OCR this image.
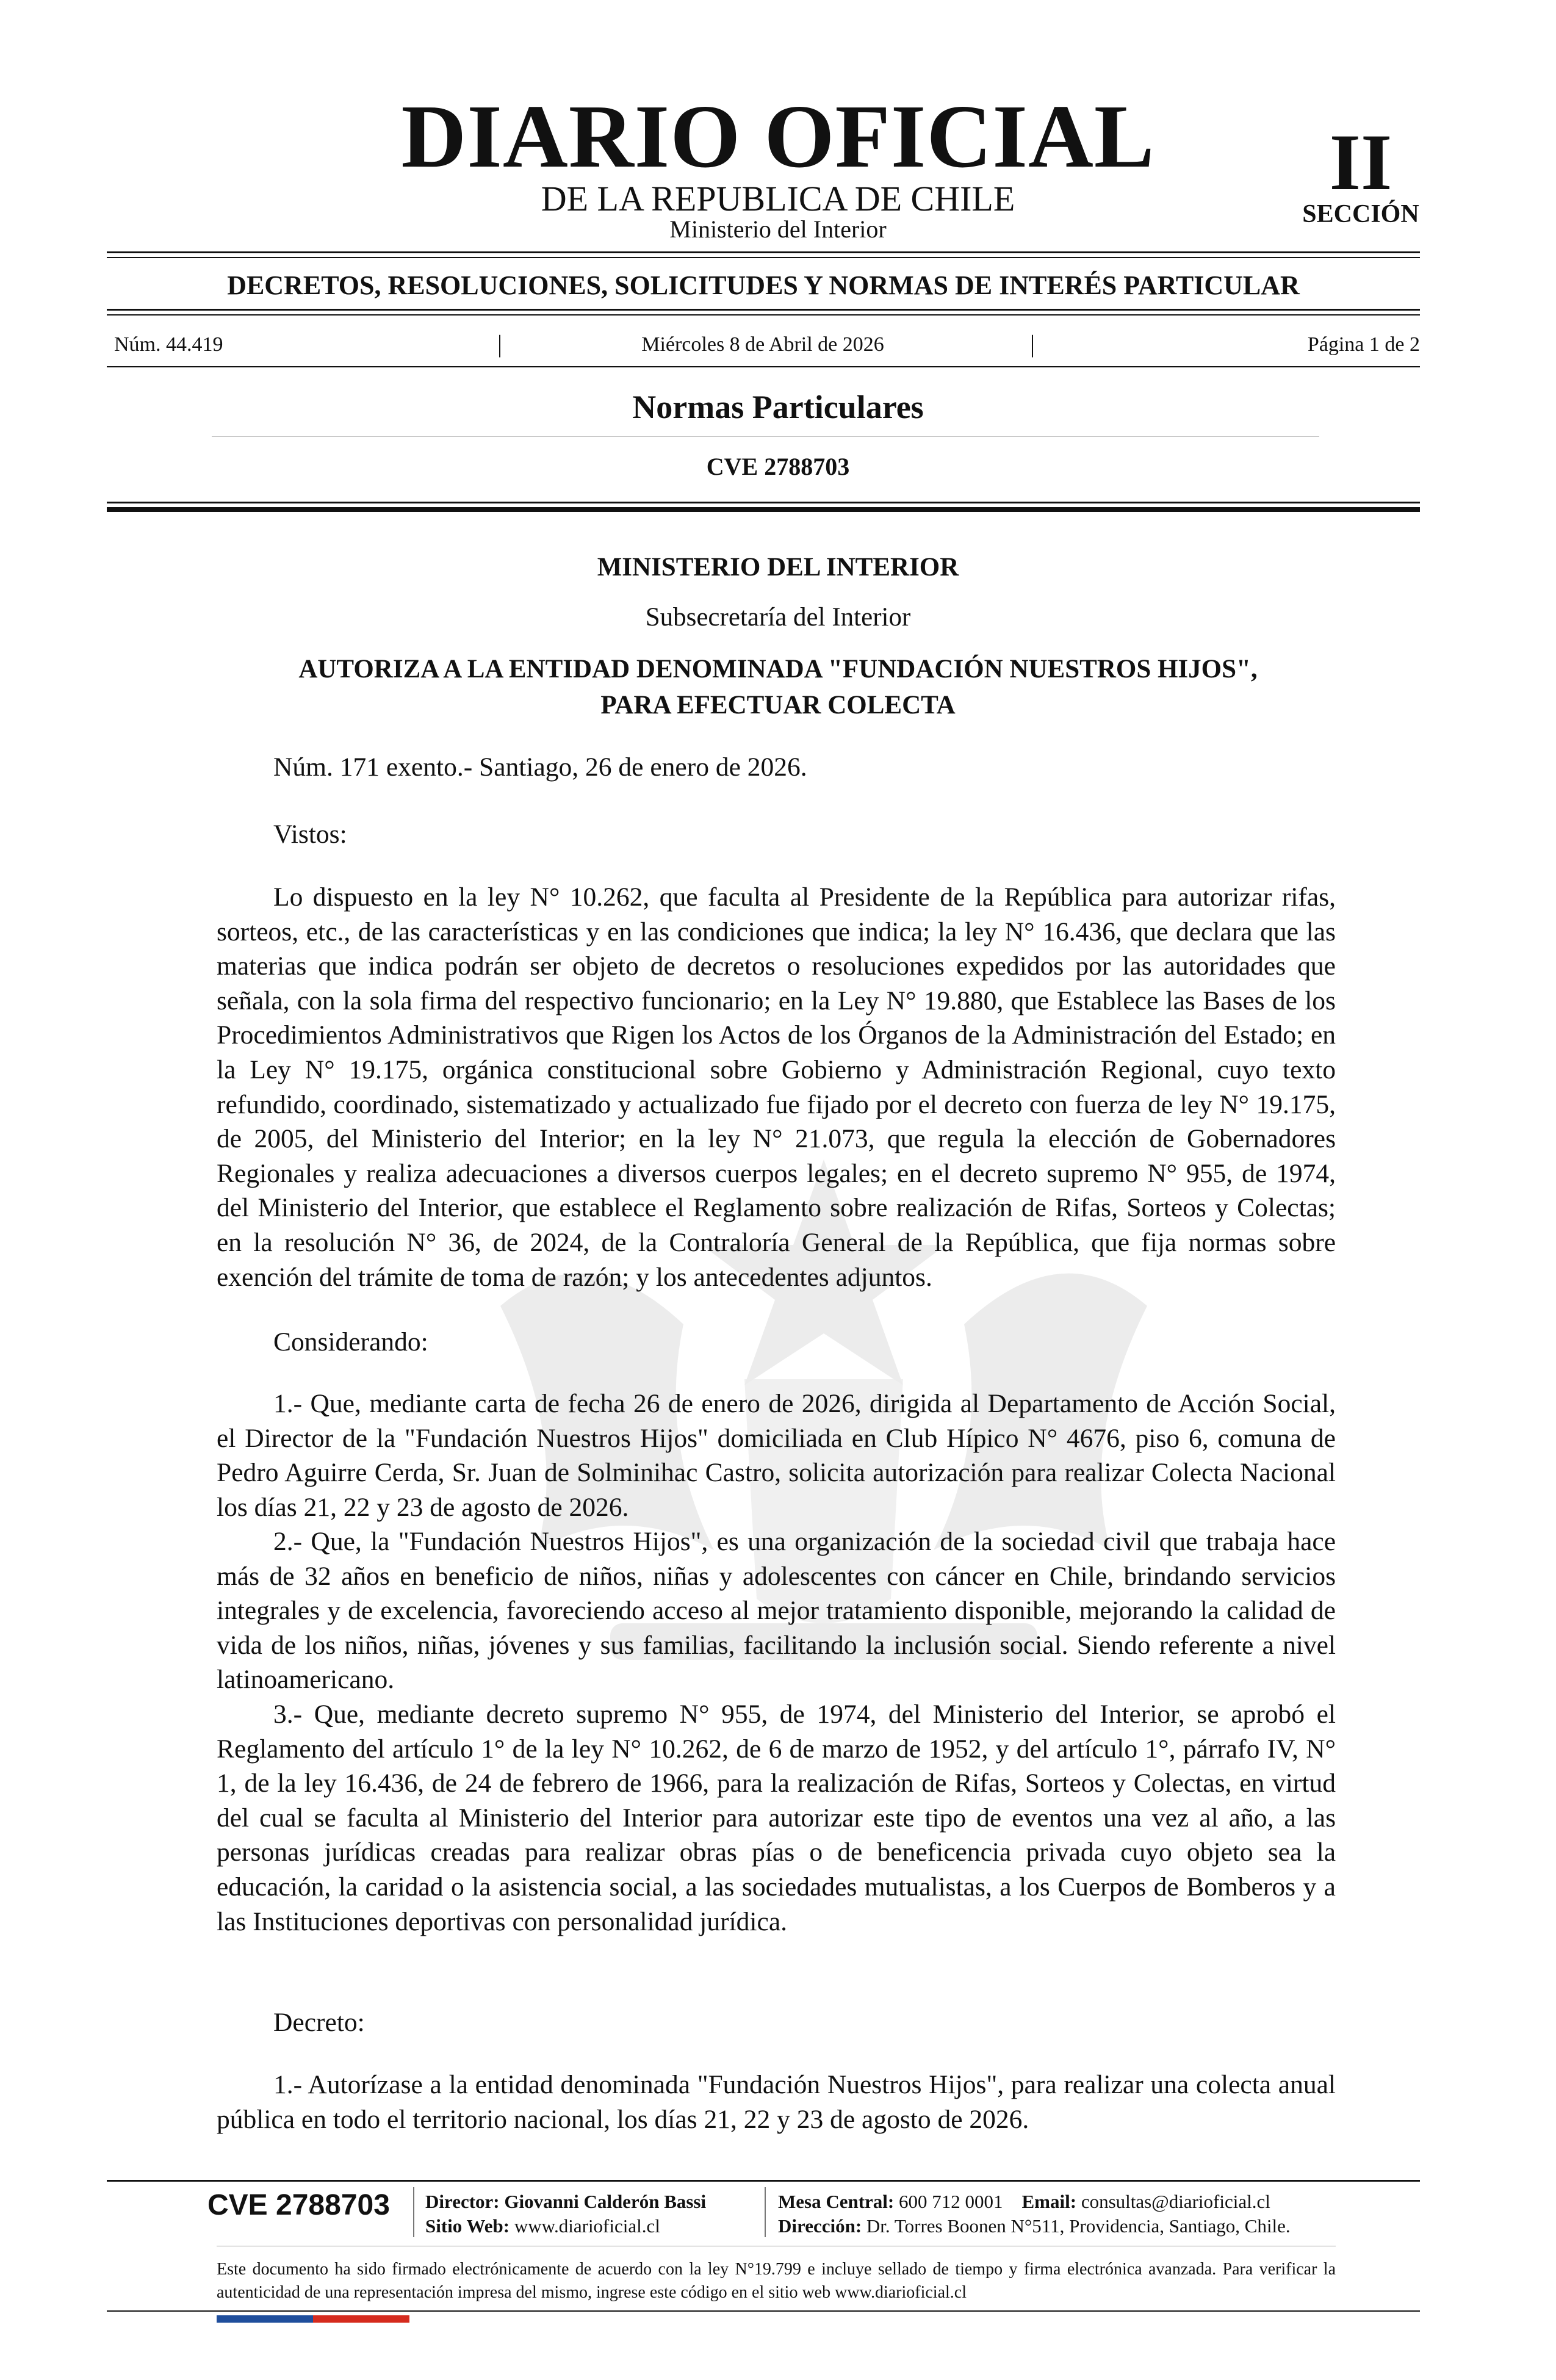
DIARIO OFICIAL
DE LA REPUBLICA DE CHILE
Ministerio del Interior
II
SECCIÓN
DECRETOS, RESOLUCIONES, SOLICITUDES Y NORMAS DE INTERÉS PARTICULAR
Núm. 44.419	|	Miércoles 8 de Abril de 2026	|	Página 1 de 2
Normas Particulares
CVE 2788703
MINISTERIO DEL INTERIOR
Subsecretaría del Interior
AUTORIZA A LA ENTIDAD DENOMINADA "FUNDACIÓN NUESTROS HIJOS",
PARA EFECTUAR COLECTA
Núm. 171 exento.- Santiago, 26 de enero de 2026.
Vistos:
Lo dispuesto en la ley N° 10.262, que faculta al Presidente de la República para autorizar rifas, sorteos, etc., de las características y en las condiciones que indica; la ley N° 16.436, que declara que las materias que indica podrán ser objeto de decretos o resoluciones expedidos por las autoridades que señala, con la sola firma del respectivo funcionario; en la Ley N° 19.880, que Establece las Bases de los Procedimientos Administrativos que Rigen los Actos de los Órganos de la Administración del Estado; en la Ley N° 19.175, orgánica constitucional sobre Gobierno y Administración Regional, cuyo texto refundido, coordinado, sistematizado y actualizado fue fijado por el decreto con fuerza de ley N° 19.175, de 2005, del Ministerio del Interior; en la ley N° 21.073, que regula la elección de Gobernadores Regionales y realiza adecuaciones a diversos cuerpos legales; en el decreto supremo N° 955, de 1974, del Ministerio del Interior, que establece el Reglamento sobre realización de Rifas, Sorteos y Colectas; en la resolución N° 36, de 2024, de la Contraloría General de la República, que fija normas sobre exención del trámite de toma de razón; y los antecedentes adjuntos.
Considerando:
1.- Que, mediante carta de fecha 26 de enero de 2026, dirigida al Departamento de Acción Social, el Director de la "Fundación Nuestros Hijos" domiciliada en Club Hípico N° 4676, piso 6, comuna de Pedro Aguirre Cerda, Sr. Juan de Solminihac Castro, solicita autorización para realizar Colecta Nacional los días 21, 22 y 23 de agosto de 2026.
2.- Que, la "Fundación Nuestros Hijos", es una organización de la sociedad civil que trabaja hace más de 32 años en beneficio de niños, niñas y adolescentes con cáncer en Chile, brindando servicios integrales y de excelencia, favoreciendo acceso al mejor tratamiento disponible, mejorando la calidad de vida de los niños, niñas, jóvenes y sus familias, facilitando la inclusión social. Siendo referente a nivel latinoamericano.
3.- Que, mediante decreto supremo N° 955, de 1974, del Ministerio del Interior, se aprobó el Reglamento del artículo 1° de la ley N° 10.262, de 6 de marzo de 1952, y del artículo 1°, párrafo IV, N° 1, de la ley 16.436, de 24 de febrero de 1966, para la realización de Rifas, Sorteos y Colectas, en virtud del cual se faculta al Ministerio del Interior para autorizar este tipo de eventos una vez al año, a las personas jurídicas creadas para realizar obras pías o de beneficencia privada cuyo objeto sea la educación, la caridad o la asistencia social, a las sociedades mutualistas, a los Cuerpos de Bomberos y a las Instituciones deportivas con personalidad jurídica.
Decreto:
1.- Autorízase a la entidad denominada "Fundación Nuestros Hijos", para realizar una colecta anual pública en todo el territorio nacional, los días 21, 22 y 23 de agosto de 2026.
CVE 2788703 Director: Giovanni Calderón Bassi
Sitio Web: www.diarioficial.cl
Mesa Central: 600 712 0001 Email: consultas@diarioficial.cl
Dirección: Dr. Torres Boonen N°511, Providencia, Santiago, Chile.
Este documento ha sido firmado electrónicamente de acuerdo con la ley N°19.799 e incluye sellado de tiempo y firma electrónica avanzada. Para verificar la autenticidad de una representación impresa del mismo, ingrese este código en el sitio web www.diarioficial.cl
